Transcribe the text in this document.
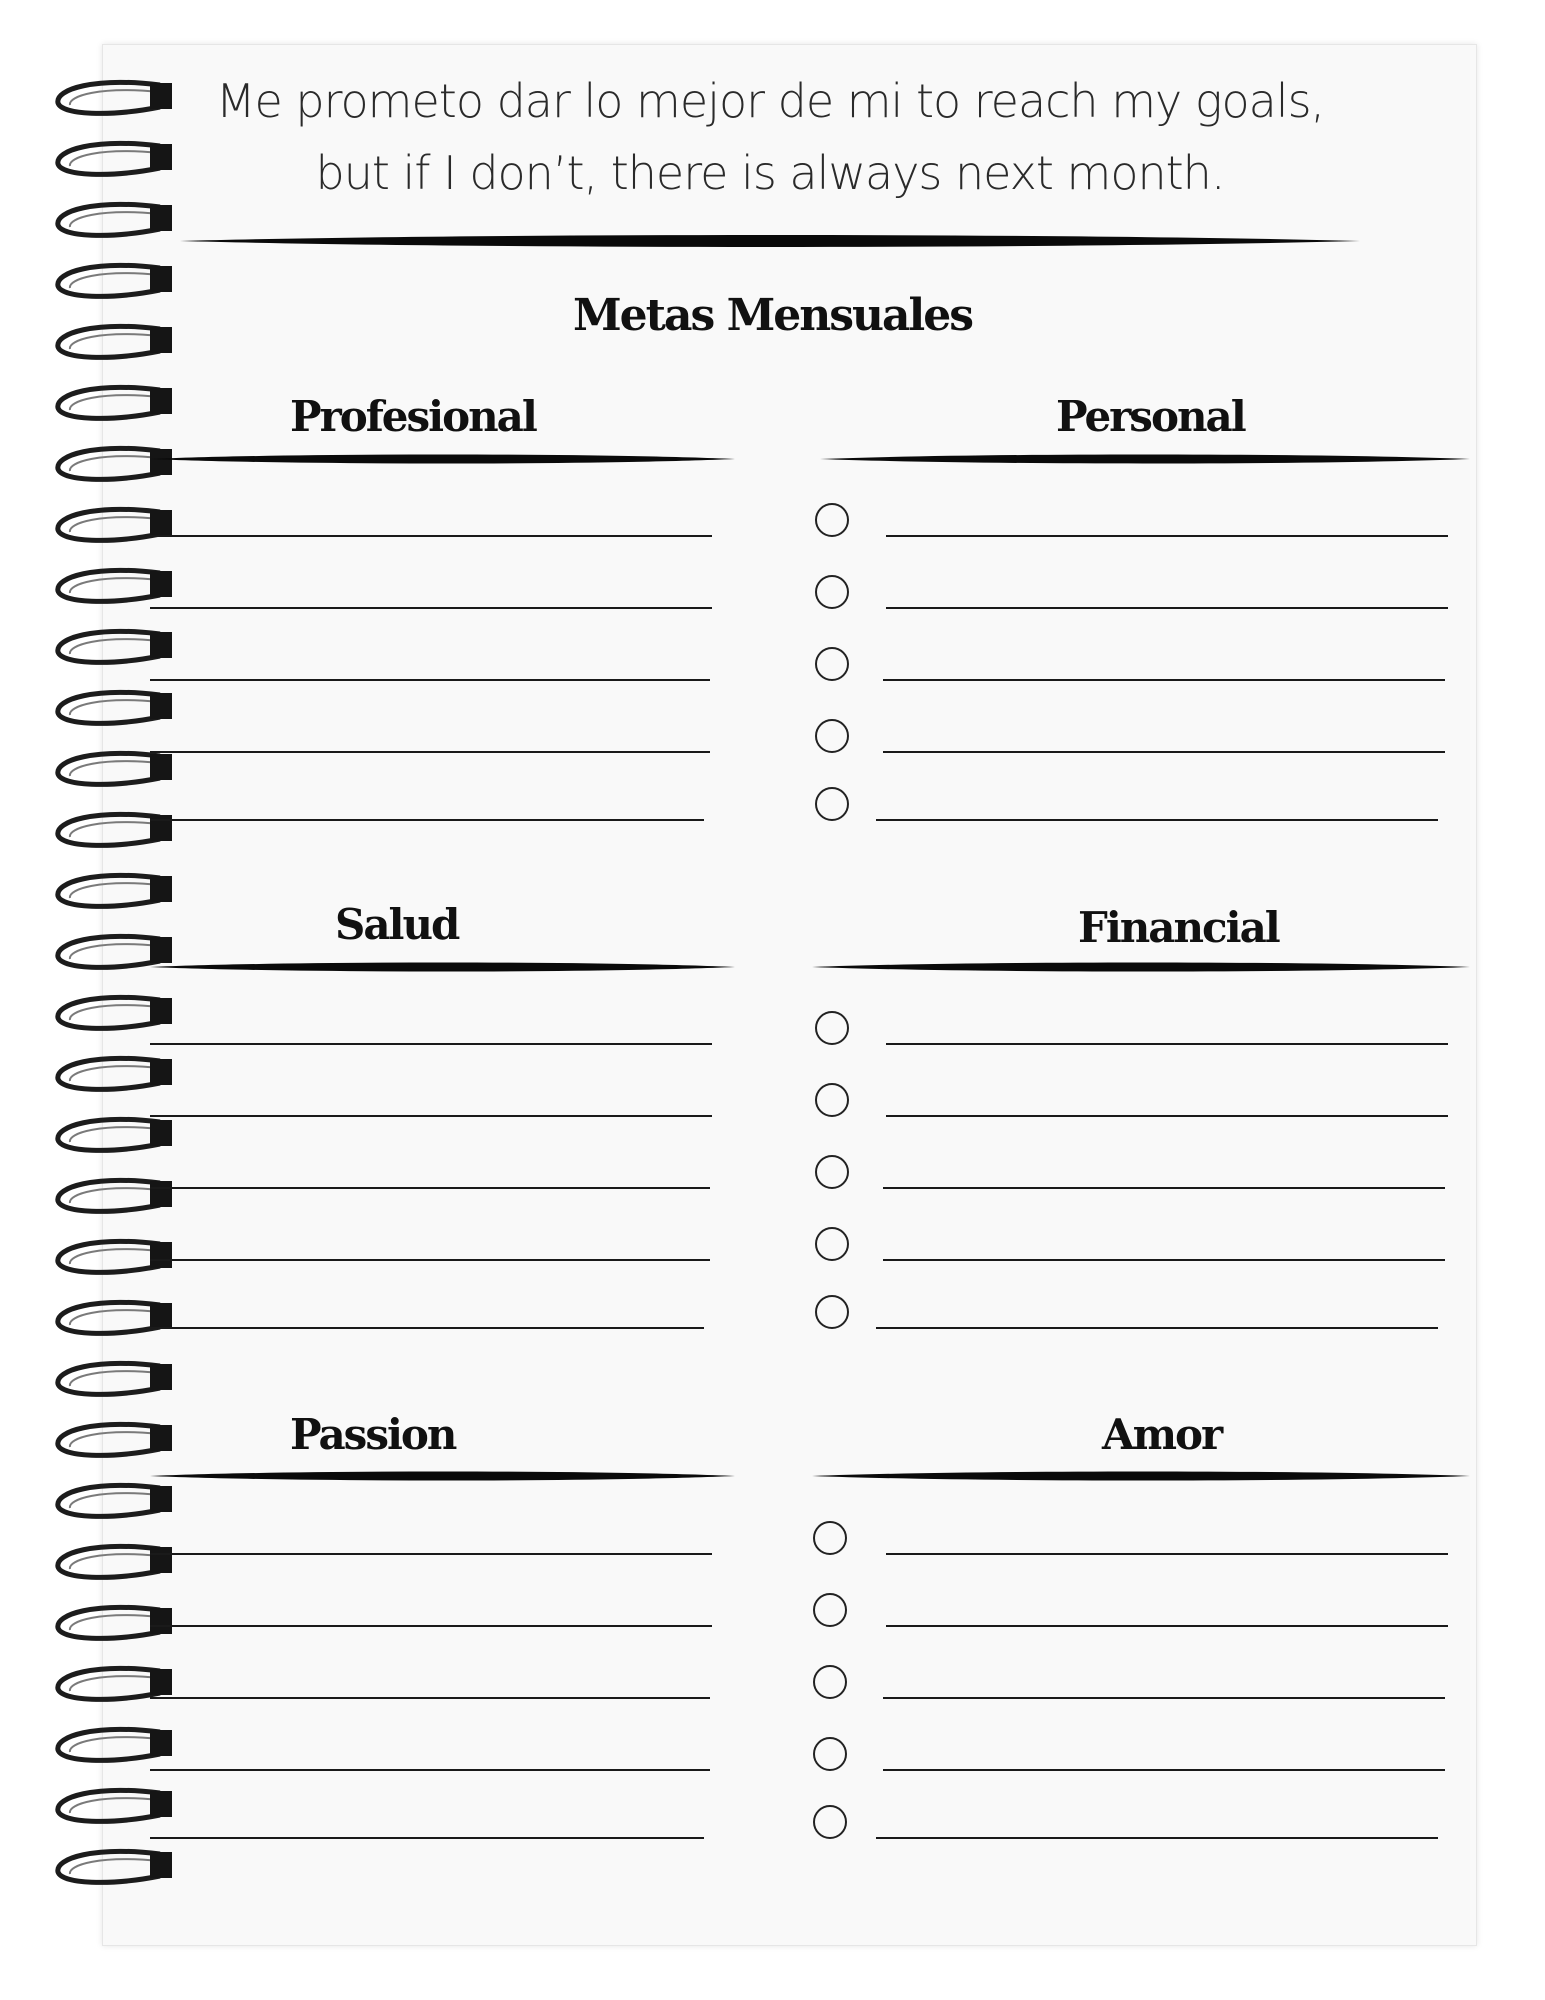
Me prometo dar lo mejor de mi to reach my goals,

but if I don’t, there is always next month.

Metas Mensuales
Profesional	Personal
Salud	Financial
Passion	Amor
